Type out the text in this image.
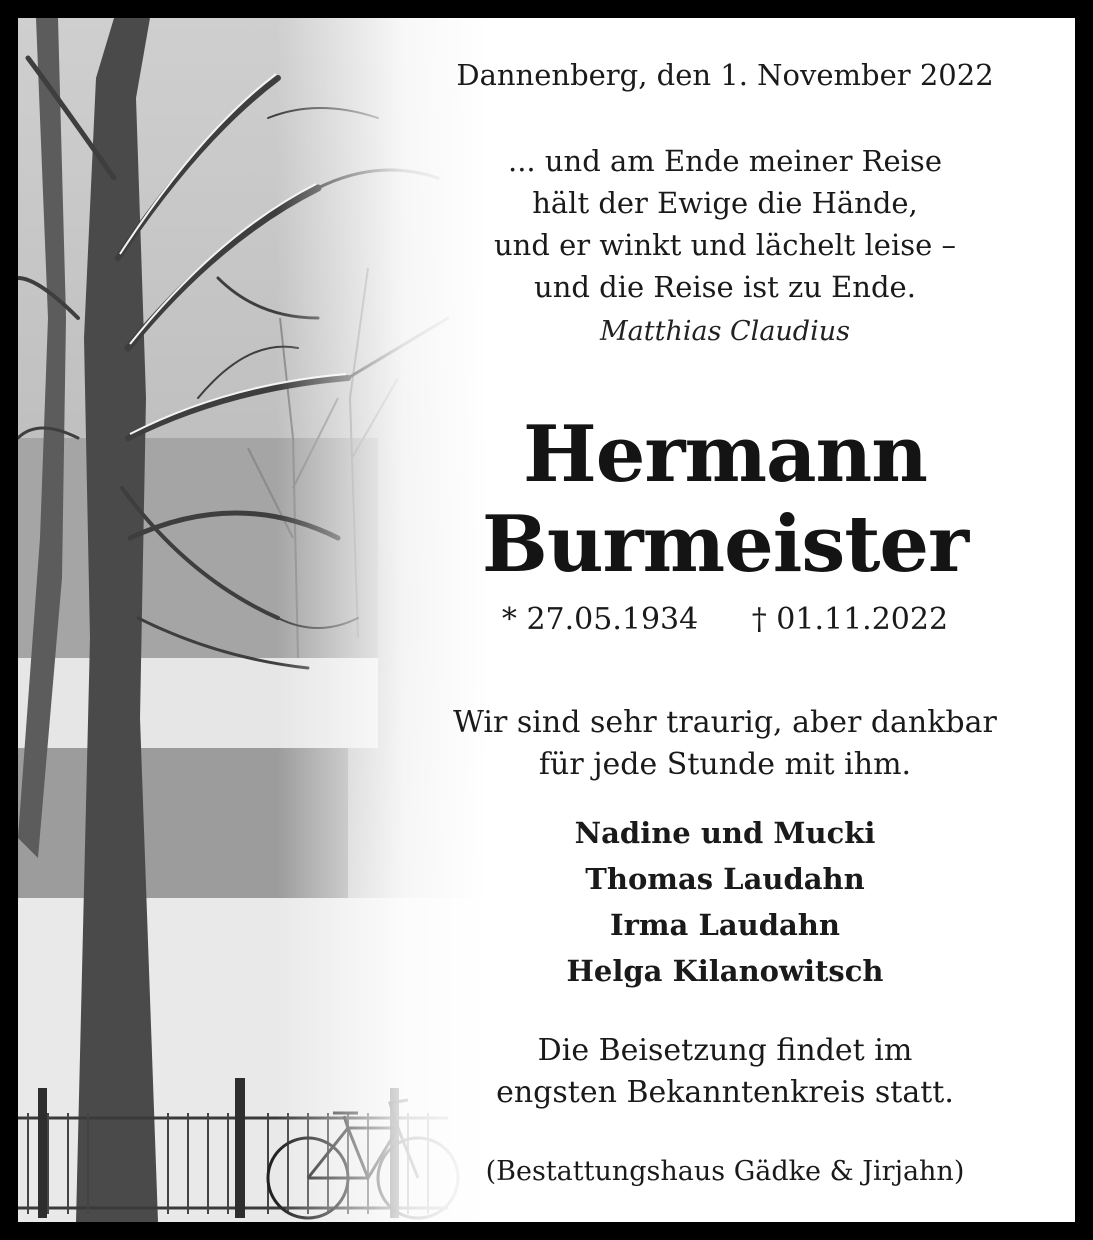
Dannenberg, den 1. November 2022
... und am Ende meiner Reise
hält der Ewige die Hände,
und er winkt und lächelt leise –
und die Reise ist zu Ende.
Matthias Claudius
Hermann
Burmeister
* 27.05.1934 † 01.11.2022
Wir sind sehr traurig, aber dankbar
für jede Stunde mit ihm.
Nadine und Mucki
Thomas Laudahn
Irma Laudahn
Helga Kilanowitsch
Die Beisetzung findet im
engsten Bekanntenkreis statt.
(Bestattungshaus Gädke & Jirjahn)
